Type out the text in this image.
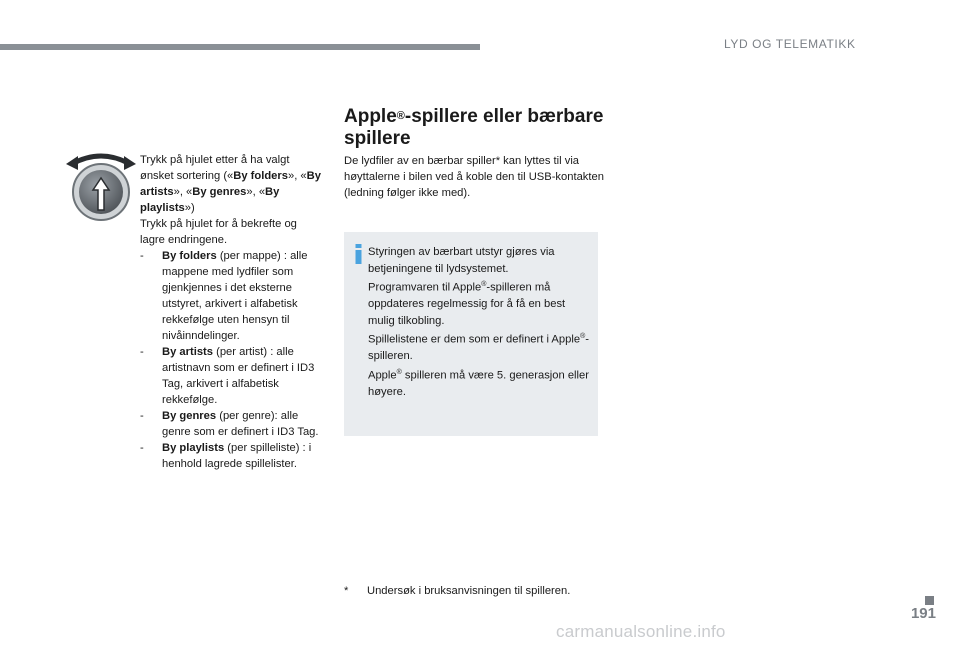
LYD OG TELEMATIKK

Trykk på hjulet etter å ha valgt ønsket sortering («By folders», «By artists», «By genres», «By playlists»)

Trykk på hjulet for å bekrefte og lagre endringene.

- By folders (per mappe) : alle mappene med lydfiler som gjenkjennes i det eksterne utstyret, arkivert i alfabetisk rekkefølge uten hensyn til nivåinndelinger.
- By artists (per artist) : alle artistnavn som er definert i ID3 Tag, arkivert i alfabetisk rekkefølge.
- By genres (per genre): alle genre som er definert i ID3 Tag.
- By playlists (per spilleliste) : i henhold lagrede spillelister.
Apple®-spillere eller bærbare spillere
De lydfiler av en bærbar spiller* kan lyttes til via høyttalerne i bilen ved å koble den til USB-kontakten (ledning følger ikke med).

Styringen av bærbart utstyr gjøres via betjeningene til lydsystemet.

Programvaren til Apple®-spilleren må oppdateres regelmessig for å få en best mulig tilkobling.

Spillelistene er dem som er definert i Apple®-spilleren.

Apple® spilleren må være 5. generasjon eller høyere.

* Undersøk i bruksanvisningen til spilleren.
191
carmanualsonline.info
